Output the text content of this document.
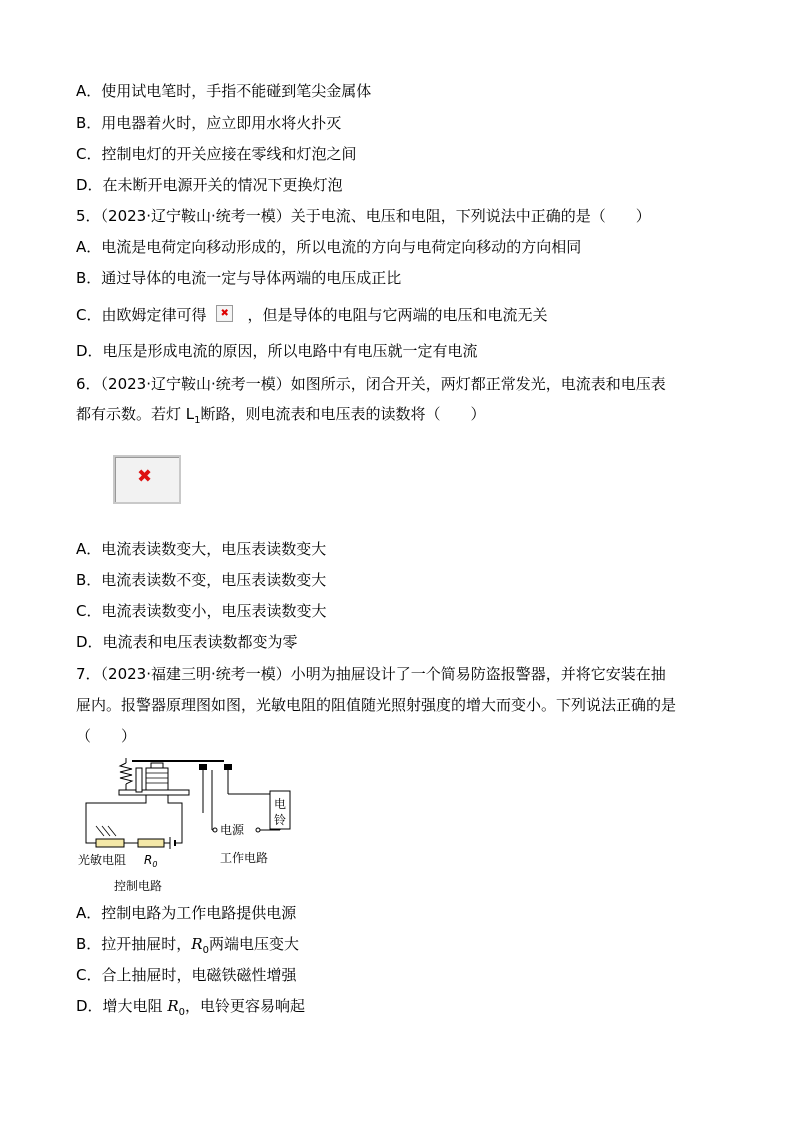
A．使用试电笔时，手指不能碰到笔尖金属体
B．用电器着火时，应立即用水将火扑灭
C．控制电灯的开关应接在零线和灯泡之间
D．在未断开电源开关的情况下更换灯泡
5．（2023·辽宁鞍山·统考一模）关于电流、电压和电阻，下列说法中正确的是（　　）
A．电流是电荷定向移动形成的，所以电流的方向与电荷定向移动的方向相同
B．通过导体的电流一定与导体两端的电压成正比
C．由欧姆定律可得✖	，但是导体的电阻与它两端的电压和电流无关
D．电压是形成电流的原因，所以电路中有电压就一定有电流
6．（2023·辽宁鞍山·统考一模）如图所示，闭合开关，两灯都正常发光，电流表和电压表
都有示数。若灯 $L_1$断路，则电流表和电压表的读数将（　　）
✖
A．电流表读数变大，电压表读数变大
B．电流表读数不变，电压表读数变大
C．电流表读数变小，电压表读数变大
D．电流表和电压表读数都变为零
7．（2023·福建三明·统考一模）小明为抽屉设计了一个简易防盗报警器，并将它安装在抽
屉内。报警器原理图如图，光敏电阻的阻值随光照射强度的增大而变小。下列说法正确的是
（　　）
电
铃
电源
工作电路
光敏电阻 $R_0$
控制电路
A．控制电路为工作电路提供电源
B．拉开抽屉时，$R_0$两端电压变大
C．合上抽屉时，电磁铁磁性增强
D．增大电阻 $R_0$，电铃更容易响起
